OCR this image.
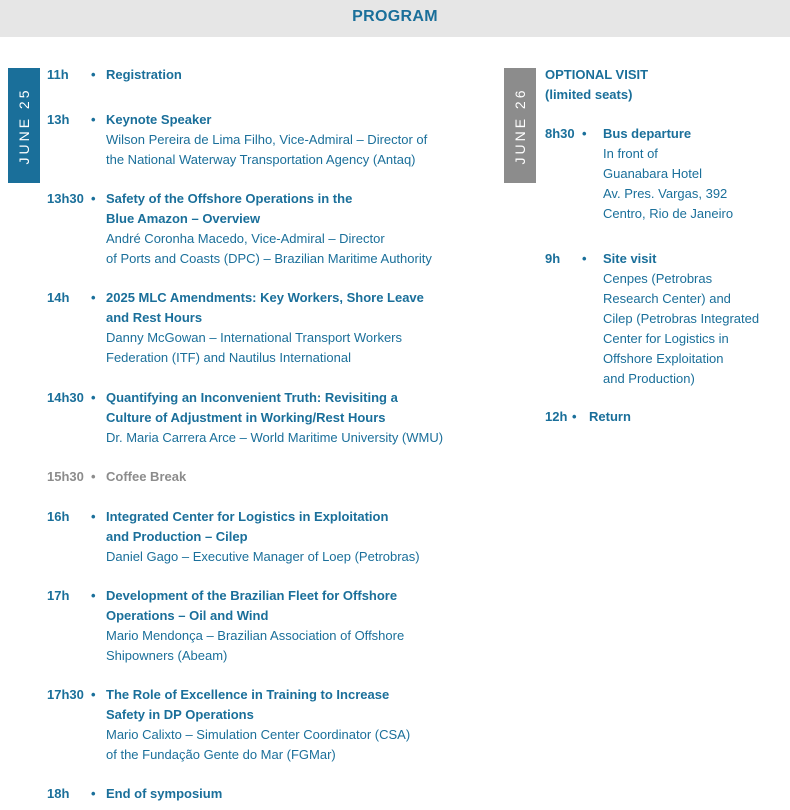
PROGRAM
JUNE 25	JUNE 26
OPTIONAL VISIT
(limited seats)
11h • Registration
13h • Keynote Speaker
Wilson Pereira de Lima Filho, Vice-Admiral – Director of
the National Waterway Transportation Agency (Antaq)
13h30 • Safety of the Offshore Operations in the
Blue Amazon – Overview
André Coronha Macedo, Vice-Admiral – Director
of Ports and Coasts (DPC) – Brazilian Maritime Authority
14h • 2025 MLC Amendments: Key Workers, Shore Leave
and Rest Hours
Danny McGowan – International Transport Workers
Federation (ITF) and Nautilus International
14h30 • Quantifying an Inconvenient Truth: Revisiting a
Culture of Adjustment in Working/Rest Hours
Dr. Maria Carrera Arce – World Maritime University (WMU)
15h30 • Coffee Break
16h • Integrated Center for Logistics in Exploitation
and Production – Cilep
Daniel Gago – Executive Manager of Loep (Petrobras)
17h • Development of the Brazilian Fleet for Offshore
Operations – Oil and Wind
Mario Mendonça – Brazilian Association of Offshore
Shipowners (Abeam)
17h30 • The Role of Excellence in Training to Increase
Safety in DP Operations
Mario Calixto – Simulation Center Coordinator (CSA)
of the Fundação Gente do Mar (FGMar)
18h • End of symposium
8h30 • Bus departure
In front of
Guanabara Hotel
Av. Pres. Vargas, 392
Centro, Rio de Janeiro
9h • Site visit
Cenpes (Petrobras
Research Center) and
Cilep (Petrobras Integrated
Center for Logistics in
Offshore Exploitation
and Production)
12h • Return
